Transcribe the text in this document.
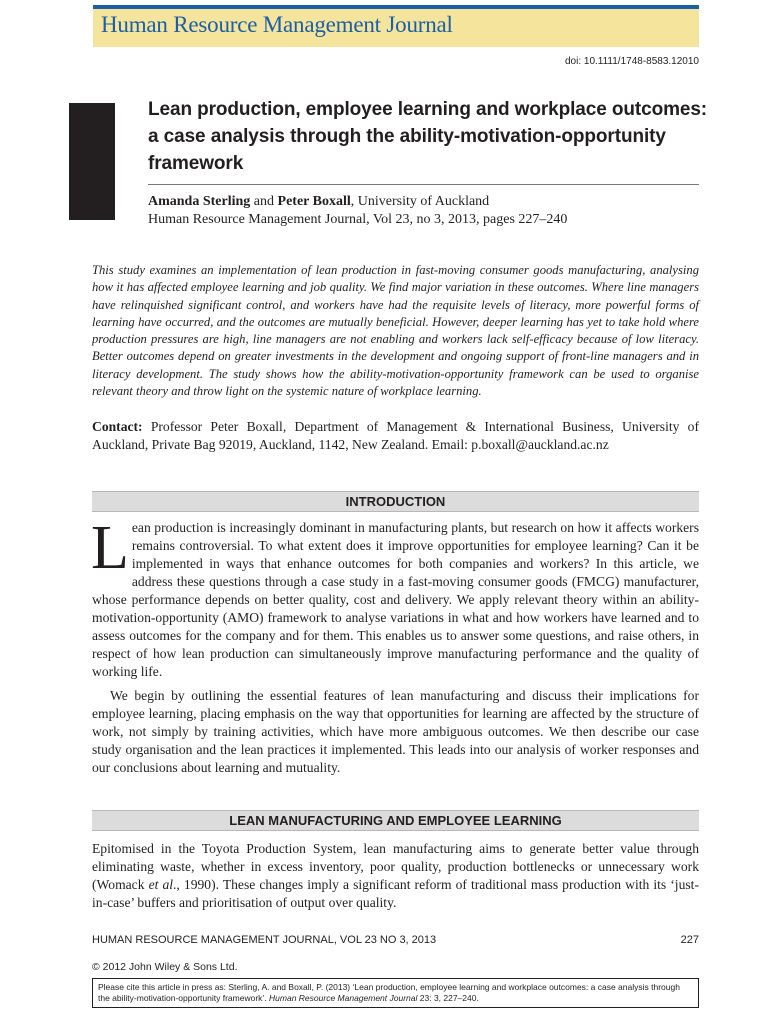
Human Resource Management Journal
doi: 10.1111/1748-8583.12010
Lean production, employee learning and workplace outcomes: a case analysis through the ability-motivation-opportunity framework
Amanda Sterling and Peter Boxall, University of Auckland
Human Resource Management Journal, Vol 23, no 3, 2013, pages 227–240

This study examines an implementation of lean production in fast-moving consumer goods manufacturing, analysing how it has affected employee learning and job quality. We find major variation in these outcomes. Where line managers have relinquished significant control, and workers have had the requisite levels of literacy, more powerful forms of learning have occurred, and the outcomes are mutually beneficial. However, deeper learning has yet to take hold where production pressures are high, line managers are not enabling and workers lack self-efficacy because of low literacy. Better outcomes depend on greater investments in the development and ongoing support of front-line managers and in literacy development. The study shows how the ability-motivation-opportunity framework can be used to organise relevant theory and throw light on the systemic nature of workplace learning.

Contact: Professor Peter Boxall, Department of Management & International Business, University of Auckland, Private Bag 92019, Auckland, 1142, New Zealand. Email: p.boxall@auckland.ac.nz

INTRODUCTION

Lean production is increasingly dominant in manufacturing plants, but research on how it affects workers remains controversial. To what extent does it improve opportunities for employee learning? Can it be implemented in ways that enhance outcomes for both companies and workers? In this article, we address these questions through a case study in a fast-moving consumer goods (FMCG) manufacturer, whose performance depends on better quality, cost and delivery. We apply relevant theory within an ability-motivation-opportunity (AMO) framework to analyse variations in what and how workers have learned and to assess outcomes for the company and for them. This enables us to answer some questions, and raise others, in respect of how lean production can simultaneously improve manufacturing performance and the quality of working life.

We begin by outlining the essential features of lean manufacturing and discuss their implications for employee learning, placing emphasis on the way that opportunities for learning are affected by the structure of work, not simply by training activities, which have more ambiguous outcomes. We then describe our case study organisation and the lean practices it implemented. This leads into our analysis of worker responses and our conclusions about learning and mutuality.

LEAN MANUFACTURING AND EMPLOYEE LEARNING

Epitomised in the Toyota Production System, lean manufacturing aims to generate better value through eliminating waste, whether in excess inventory, poor quality, production bottlenecks or unnecessary work (Womack et al., 1990). These changes imply a significant reform of traditional mass production with its ‘just-in-case’ buffers and prioritisation of output over quality.

HUMAN RESOURCE MANAGEMENT JOURNAL, VOL 23 NO 3, 2013	227
© 2012 John Wiley & Sons Ltd.
Please cite this article in press as: Sterling, A. and Boxall, P. (2013) ‘Lean production, employee learning and workplace outcomes: a case analysis through the ability-motivation-opportunity framework’. Human Resource Management Journal 23: 3, 227–240.
